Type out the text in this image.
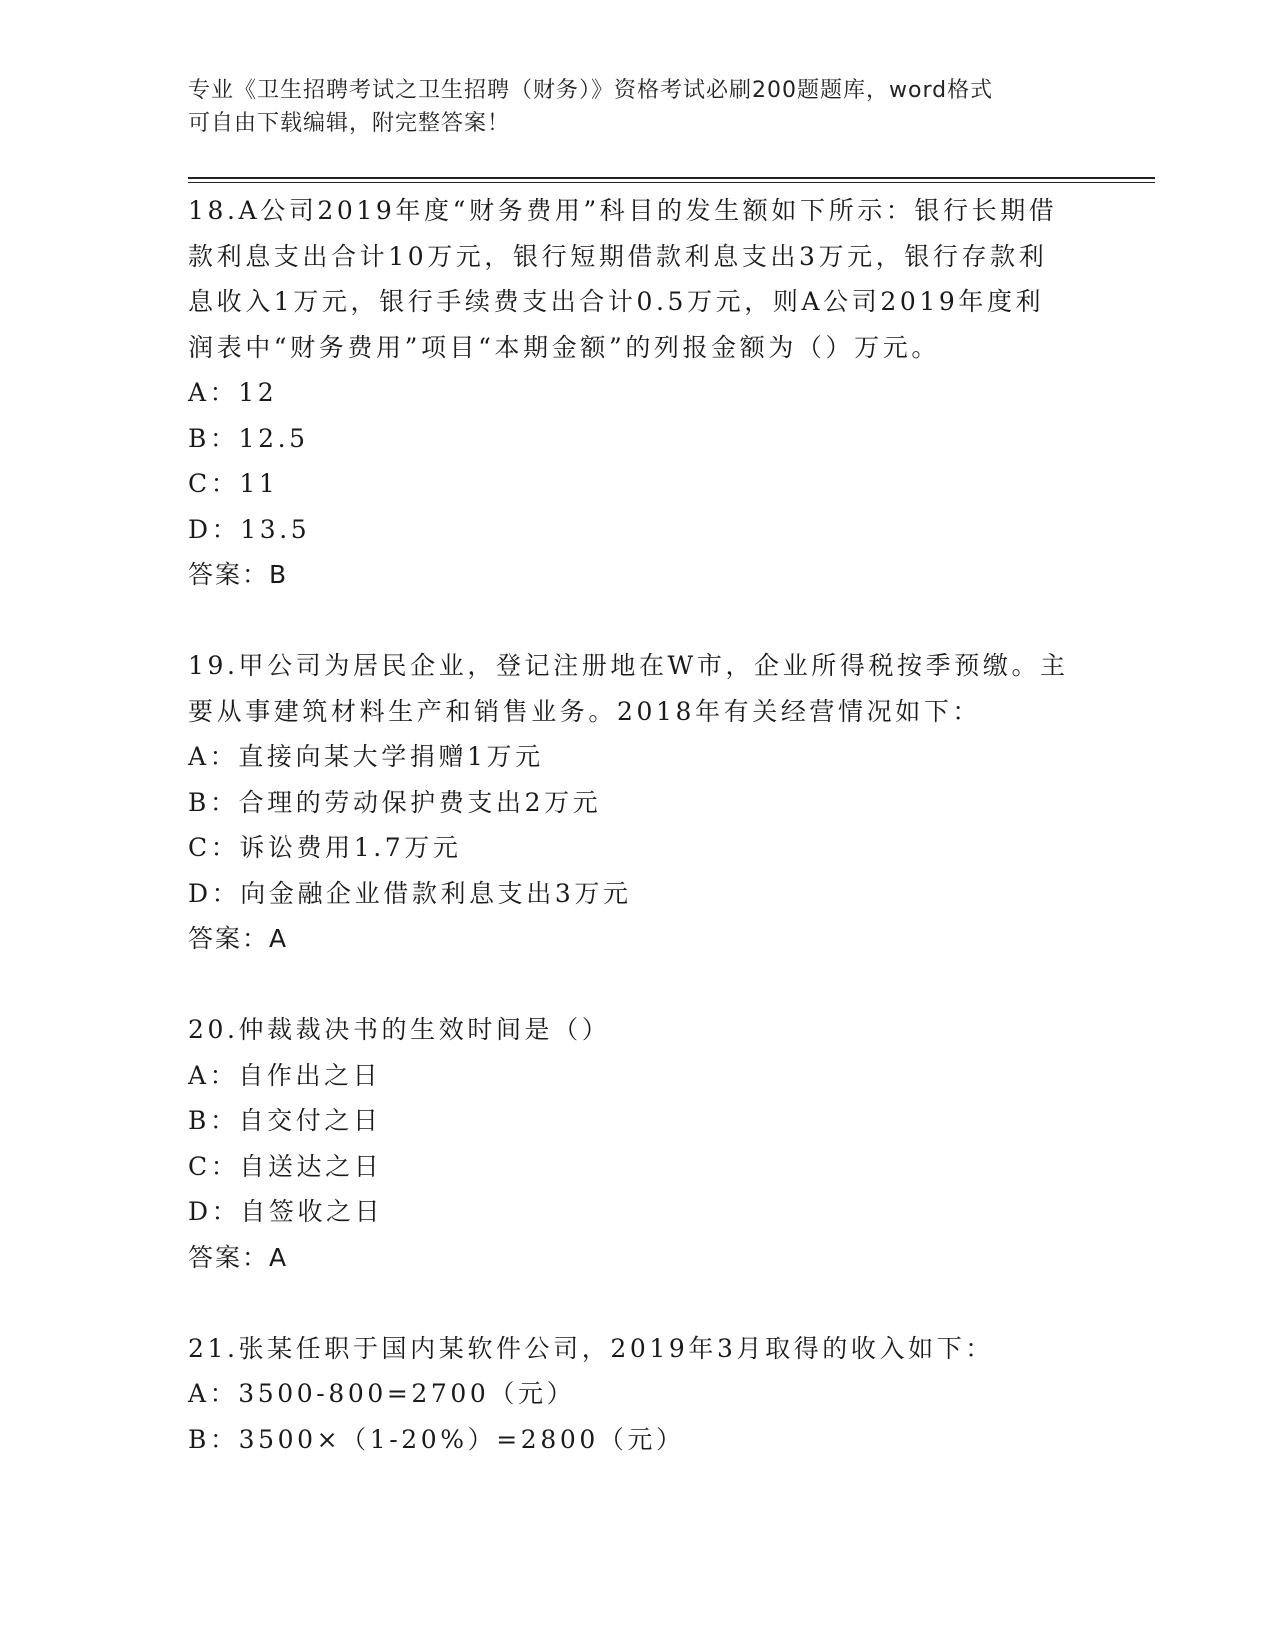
专业《卫生招聘考试之卫生招聘（财务）》资格考试必刷200题题库，word格式
可自由下载编辑，附完整答案！
18.A公司2019年度“财务费用”科目的发生额如下所示：银行长期借
款利息支出合计10万元，银行短期借款利息支出3万元，银行存款利
息收入1万元，银行手续费支出合计0.5万元，则A公司2019年度利
润表中“财务费用”项目“本期金额”的列报金额为（）万元。
A：12
B：12.5
C：11
D：13.5
答案：B
19.甲公司为居民企业，登记注册地在W市，企业所得税按季预缴。主
要从事建筑材料生产和销售业务。2018年有关经营情况如下：
A：直接向某大学捐赠1万元
B：合理的劳动保护费支出2万元
C：诉讼费用1.7万元
D：向金融企业借款利息支出3万元
答案：A
20.仲裁裁决书的生效时间是（）
A：自作出之日
B：自交付之日
C：自送达之日
D：自签收之日
答案：A
21.张某任职于国内某软件公司，2019年3月取得的收入如下：
A：3500-800=2700（元）
B：3500×（1-20%）=2800（元）
